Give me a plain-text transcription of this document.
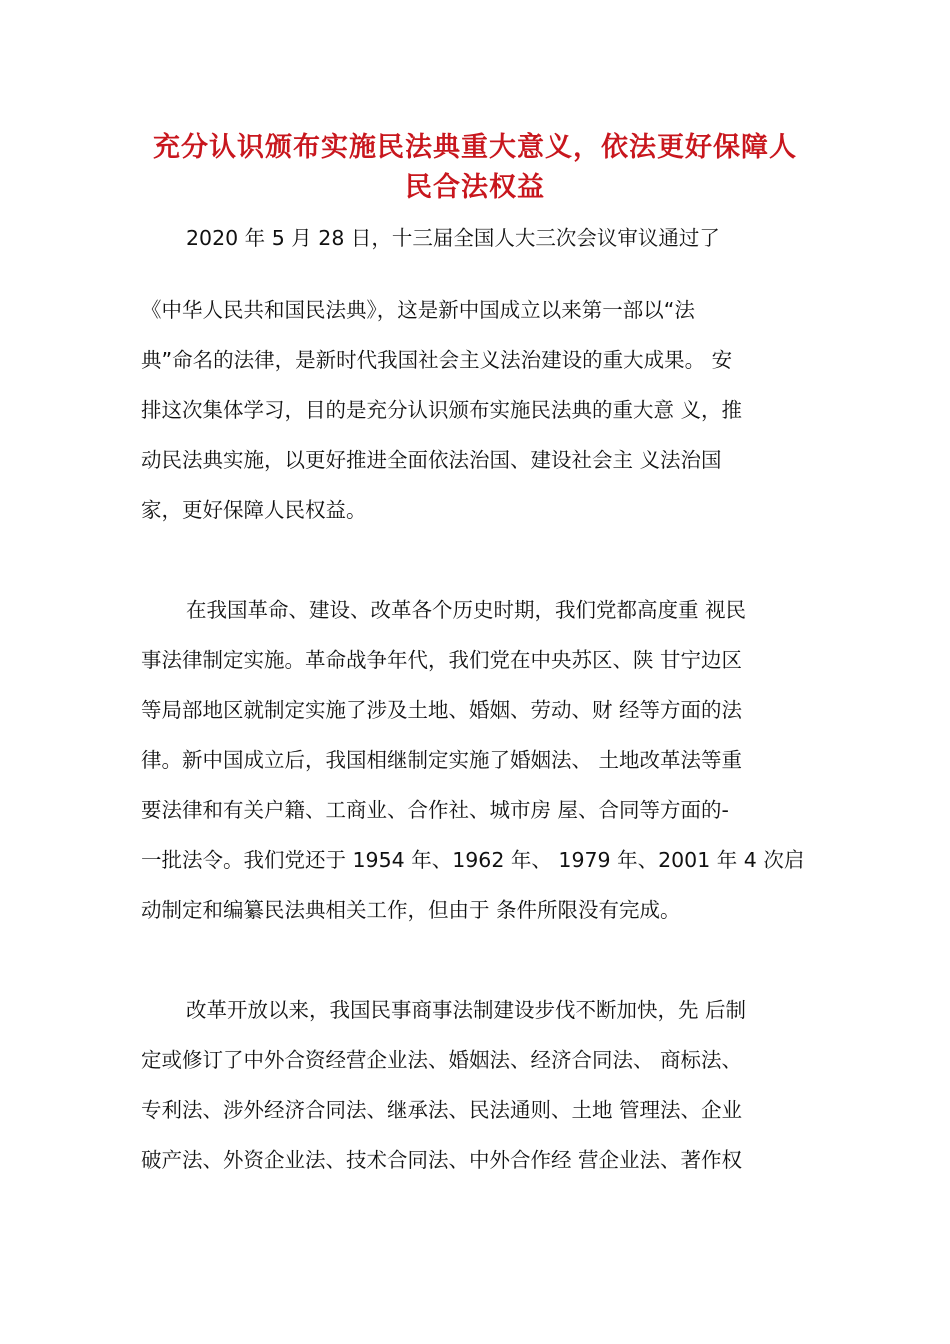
充分认识颁布实施民法典重大意义，依法更好保障人
民合法权益
2020 年 5 月 28 日，十三届全国人大三次会议审议通过了
《中华人民共和国民法典》，这是新中国成立以来第一部以“法
典”命名的法律，是新时代我国社会主义法治建设的重大成果。 安
排这次集体学习，目的是充分认识颁布实施民法典的重大意 义，推
动民法典实施，以更好推进全面依法治国、建设社会主 义法治国
家，更好保障人民权益。
在我国革命、建设、改革各个历史时期，我们党都高度重 视民
事法律制定实施。革命战争年代，我们党在中央苏区、陕 甘宁边区
等局部地区就制定实施了涉及土地、婚姻、劳动、财 经等方面的法
律。新中国成立后，我国相继制定实施了婚姻法、 土地改革法等重
要法律和有关户籍、工商业、合作社、城市房 屋、合同等方面的-
一批法令。我们党还于 1954 年、1962 年、 1979 年、2001 年 4 次启
动制定和编纂民法典相关工作，但由于 条件所限没有完成。
改革开放以来，我国民事商事法制建设步伐不断加快，先 后制
定或修订了中外合资经营企业法、婚姻法、经济合同法、 商标法、
专利法、涉外经济合同法、继承法、民法通则、土地 管理法、企业
破产法、外资企业法、技术合同法、中外合作经 营企业法、著作权
